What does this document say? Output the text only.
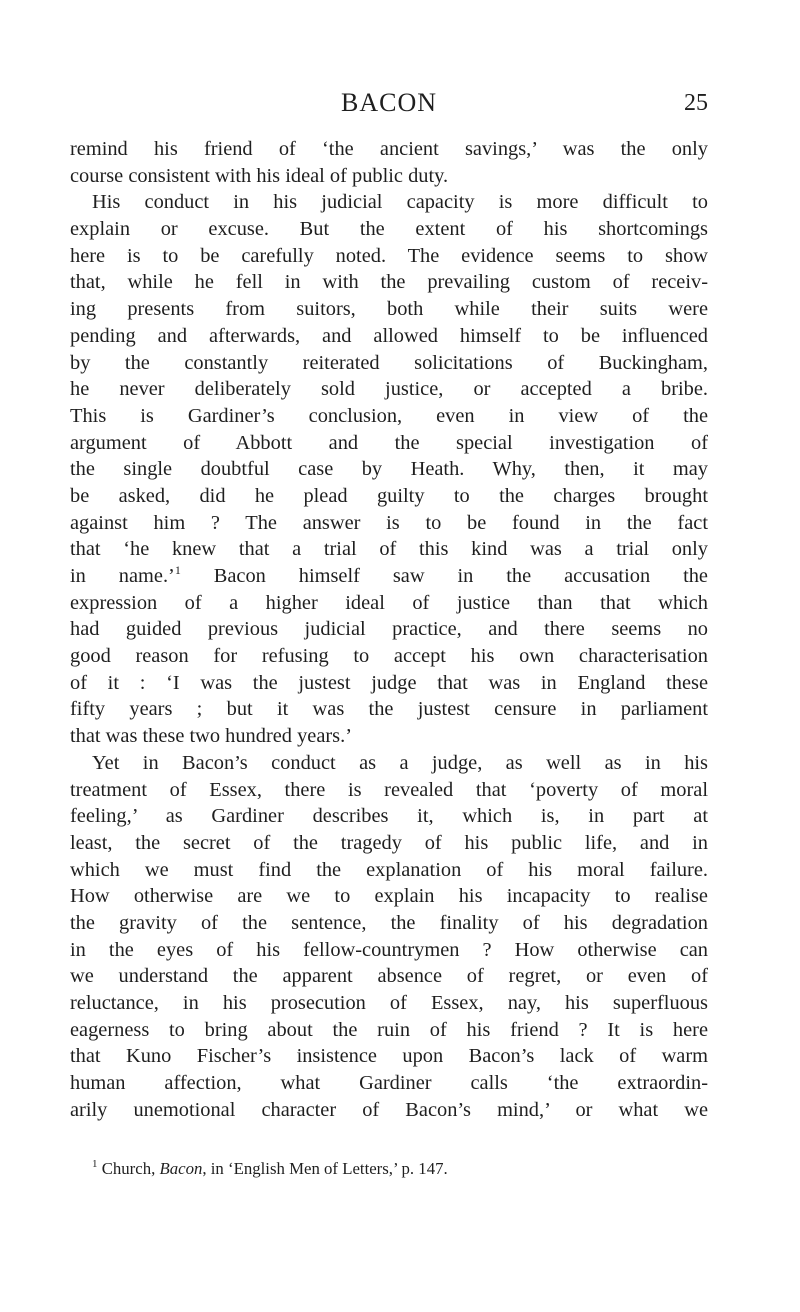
BACON	25
remind his friend of ‘the ancient savings,’ was the only
course consistent with his ideal of public duty.
His conduct in his judicial capacity is more difficult to
explain or excuse. But the extent of his shortcomings
here is to be carefully noted. The evidence seems to show
that, while he fell in with the prevailing custom of receiv-
ing presents from suitors, both while their suits were
pending and afterwards, and allowed himself to be influenced
by the constantly reiterated solicitations of Buckingham,
he never deliberately sold justice, or accepted a bribe.
This is Gardiner’s conclusion, even in view of the
argument of Abbott and the special investigation of
the single doubtful case by Heath. Why, then, it may
be asked, did he plead guilty to the charges brought
against him ? The answer is to be found in the fact
that ‘he knew that a trial of this kind was a trial only
in name.’$^1$ Bacon himself saw in the accusation the
expression of a higher ideal of justice than that which
had guided previous judicial practice, and there seems no
good reason for refusing to accept his own characterisation
of it : ‘I was the justest judge that was in England these
fifty years ; but it was the justest censure in parliament
that was these two hundred years.’
Yet in Bacon’s conduct as a judge, as well as in his
treatment of Essex, there is revealed that ‘poverty of moral
feeling,’ as Gardiner describes it, which is, in part at
least, the secret of the tragedy of his public life, and in
which we must find the explanation of his moral failure.
How otherwise are we to explain his incapacity to realise
the gravity of the sentence, the finality of his degradation
in the eyes of his fellow-countrymen ? How otherwise can
we understand the apparent absence of regret, or even of
reluctance, in his prosecution of Essex, nay, his superfluous
eagerness to bring about the ruin of his friend ? It is here
that Kuno Fischer’s insistence upon Bacon’s lack of warm
human affection, what Gardiner calls ‘the extraordin-
arily unemotional character of Bacon’s mind,’ or what we
$^1$ Church, Bacon, in ‘English Men of Letters,’ p. 147.
